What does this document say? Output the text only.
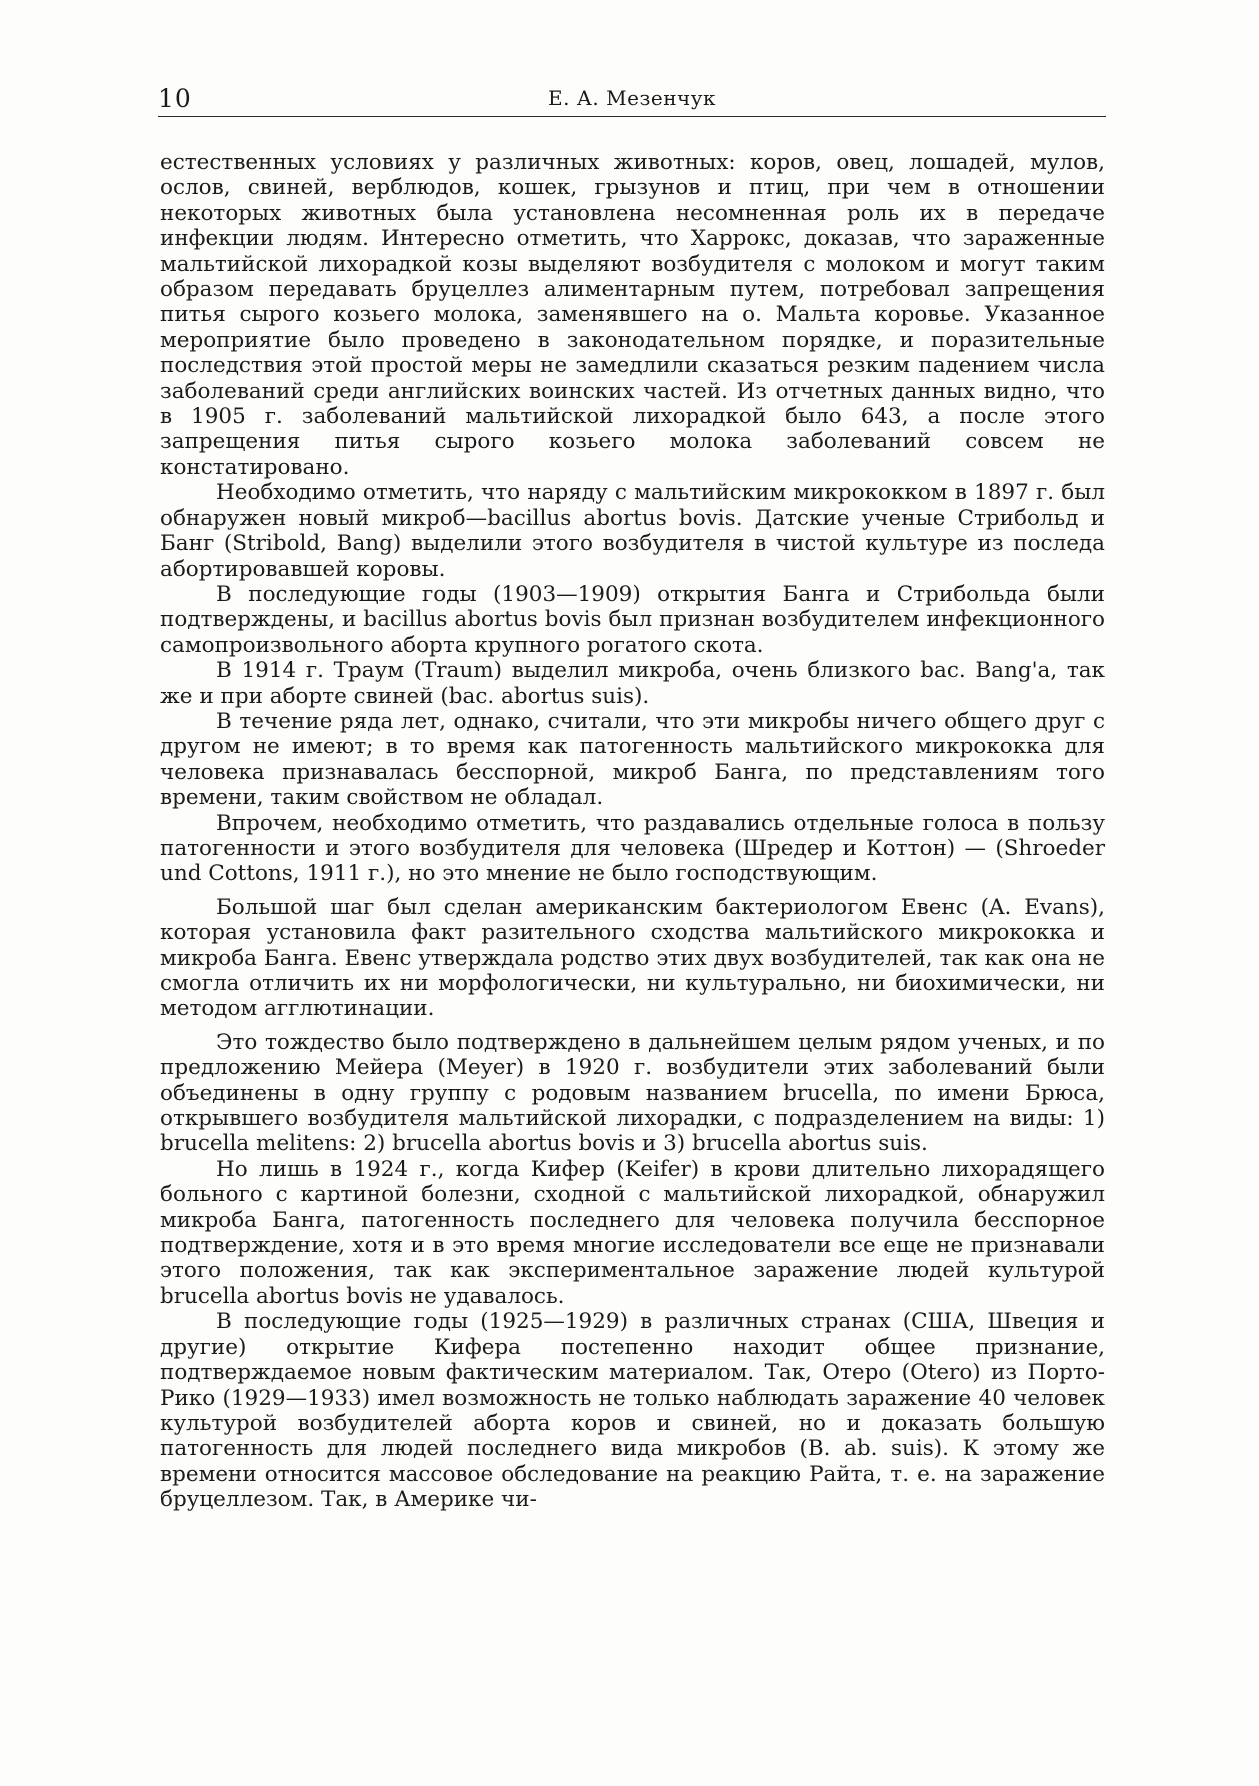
10	Е. А. Мезенчук

естественных условиях у различных животных: коров, овец, лошадей, мулов, ослов, свиней, верблюдов, кошек, грызунов и птиц, при чем в отношении некоторых животных была установлена несомненная роль их в передаче инфекции людям. Интересно отметить, что Харрокс, доказав, что зараженные мальтийской лихорадкой козы выделяют возбудителя с молоком и могут таким образом передавать бруцеллез алиментарным путем, потребовал запрещения питья сырого козьего молока, заменявшего на о. Мальта коровье. Указанное мероприятие было проведено в законодательном порядке, и поразительные последствия этой простой меры не замедлили сказаться резким падением числа заболеваний среди английских воинских частей. Из отчетных данных видно, что в 1905 г. заболеваний мальтийской лихорадкой было 643, а после этого запрещения питья сырого козьего молока заболеваний совсем не констатировано.

Необходимо отметить, что наряду с мальтийским микрококком в 1897 г. был обнаружен новый микроб—bacillus abortus bovis. Датские ученые Стрибольд и Банг (Stribold, Bang) выделили этого возбудителя в чистой культуре из последа абортировавшей коровы.

В последующие годы (1903—1909) открытия Банга и Стрибольда были подтверждены, и bacillus abortus bovis был признан возбудителем инфекционного самопроизвольного аборта крупного рогатого скота.

В 1914 г. Траум (Traum) выделил микроба, очень близкого bac. Bang'a, так же и при аборте свиней (bac. abortus suis).

В течение ряда лет, однако, считали, что эти микробы ничего общего друг с другом не имеют; в то время как патогенность мальтийского микрококка для человека признавалась бесспорной, микроб Банга, по представлениям того времени, таким свойством не обладал.

Впрочем, необходимо отметить, что раздавались отдельные голоса в пользу патогенности и этого возбудителя для человека (Шредер и Коттон) — (Shroeder und Cottons, 1911 г.), но это мнение не было господствующим.

Большой шаг был сделан американским бактериологом Евенс (A. Evans), которая установила факт разительного сходства мальтийского микрококка и микроба Банга. Евенс утверждала родство этих двух возбудителей, так как она не смогла отличить их ни морфологически, ни культурально, ни биохимически, ни методом агглютинации.

Это тождество было подтверждено в дальнейшем целым рядом ученых, и по предложению Мейера (Meyer) в 1920 г. возбудители этих заболеваний были объединены в одну группу с родовым названием brucella, по имени Брюса, открывшего возбудителя мальтийской лихорадки, с подразделением на виды: 1) brucella melitens: 2) brucella abortus bovis и 3) brucella abortus suis.

Но лишь в 1924 г., когда Кифер (Keifer) в крови длительно лихорадящего больного с картиной болезни, сходной с мальтийской лихорадкой, обнаружил микроба Банга, патогенность последнего для человека получила бесспорное подтверждение, хотя и в это время многие исследователи все еще не признавали этого положения, так как экспериментальное заражение людей культурой brucella abortus bovis не удавалось.

В последующие годы (1925—1929) в различных странах (США, Швеция и другие) открытие Кифера постепенно находит общее признание, подтверждаемое новым фактическим материалом. Так, Отеро (Otero) из Порто-Рико (1929—1933) имел возможность не только наблюдать заражение 40 человек культурой возбудителей аборта коров и свиней, но и доказать большую патогенность для людей последнего вида микробов (B. ab. suis). К этому же времени относится массовое обследование на реакцию Райта, т. е. на заражение бруцеллезом. Так, в Америке чи-
